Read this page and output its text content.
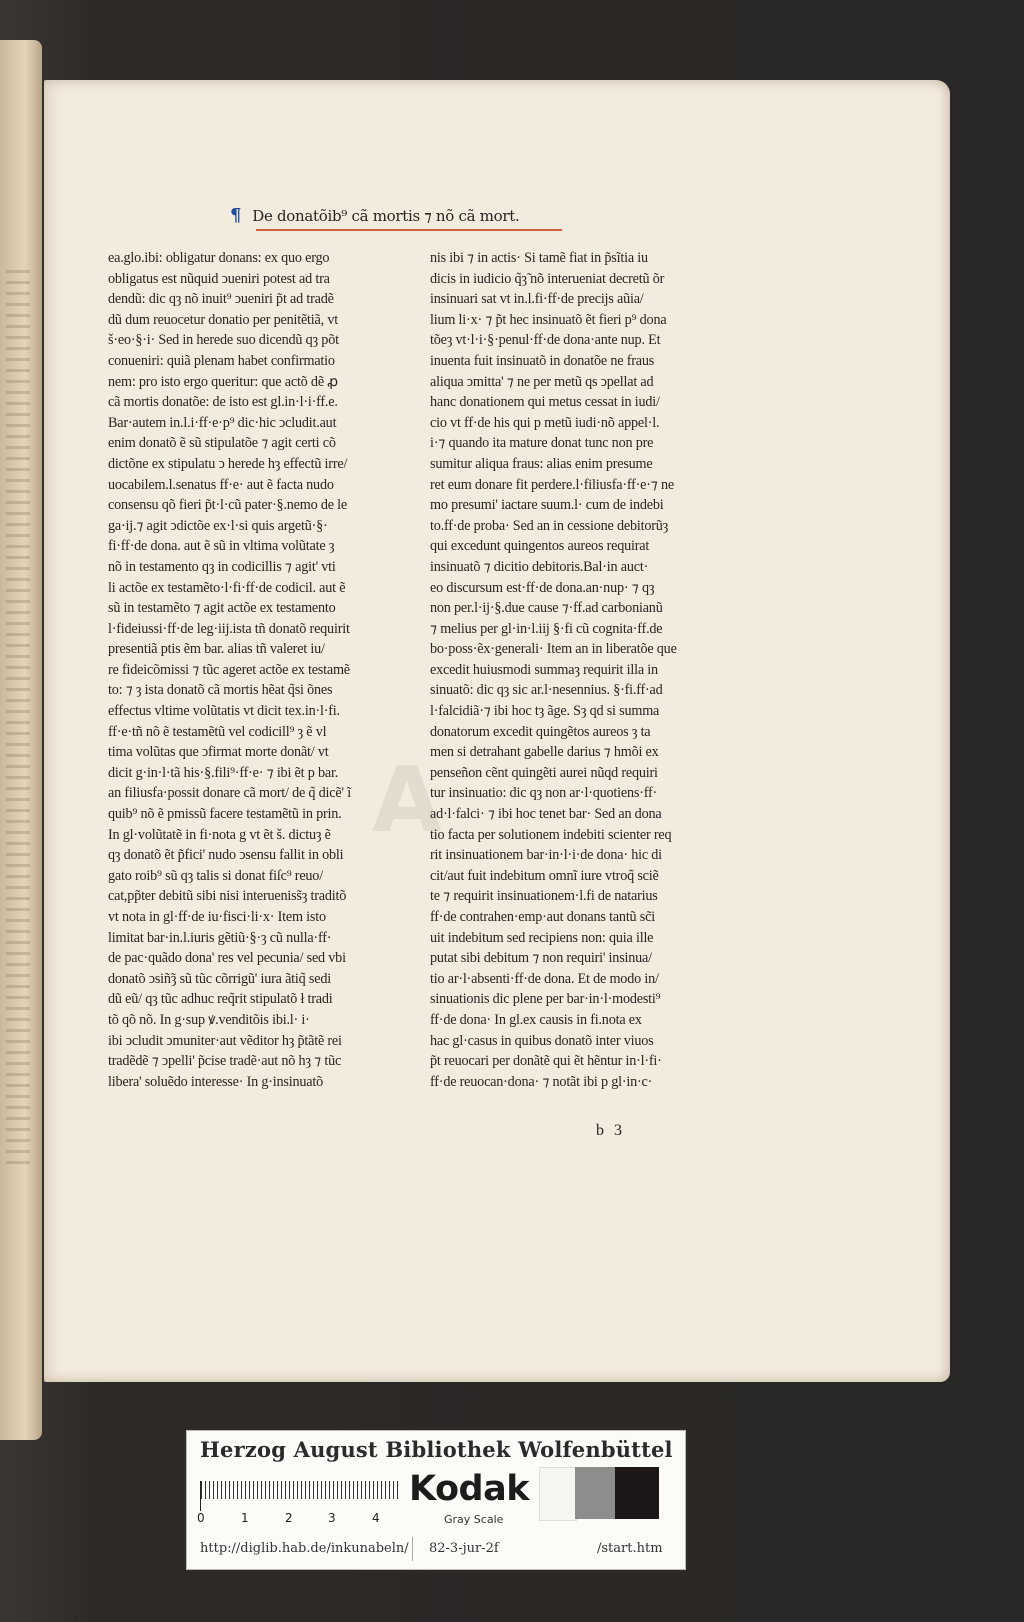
¶ De donatõib⁹ cã mortis ⁊ nõ cã mort.
ea.glo.ibi: obligatur donans: ex quo ergo
obligatus est nũquid ↄueniri potest ad tra
dendũ: dic qȝ nõ inuit⁹ ↄueniri p̃t ad tradẽ
dũ dum reuocetur donatio per penitẽtiã, vt
š·eo·§·i· Sed in herede suo dicendũ qȝ põt
conueniri: quiã plenam habet confirmatio
nem: pro isto ergo queritur: que actõ dẽ ꝓ
cã mortis donatõe: de isto est gl.in·l·i·ff.e.
Bar·autem in.l.i·ff·e·p⁹ dic·hic ↄcludit.aut
enim donatõ ẽ sũ stipulatõe ⁊ agit certi cõ
dictõne ex stipulatu ↄ herede hȝ effectũ irre/
uocabilem.l.senatus ff·e· aut ẽ facta nudo
consensu qõ fieri p̃t·l·cũ pater·§.nemo de le
ga·ij.⁊ agit ↄdictõe ex·l·si quis argetũ·§·
fi·ff·de dona. aut ẽ sũ in vltima volũtate ȝ
nõ in testamento qȝ in codicillis ⁊ agit' vti
li actõe ex testamẽto·l·fi·ff·de codicil. aut ẽ
sũ in testamẽto ⁊ agit actõe ex testamento
l·fideiussi·ff·de leg·iij.ista tñ donatõ requirit
presentiã ptis ẽm bar. alias tñ valeret iu/
re fideicõmissi ⁊ tũc ageret actõe ex testamẽ
to: ⁊ ȝ ista donatõ cã mortis hẽat q̃si õnes
effectus vltime volũtatis vt dicit tex.in·l·fi.
ff·e·tñ nõ ẽ testamẽtũ vel codicill⁹ ȝ ẽ vl
tima volũtas que ↄfirmat morte donãt/ vt
dicit g·in·l·tã his·§.fili⁹·ff·e· ⁊ ibi ẽt p bar.
an filiusfa·possit donare cã mort/ de q̃ dicẽ' ĩ
quib⁹ nõ ẽ pmissũ facere testamẽtũ in prin.
In gl·volũtatẽ in fi·nota g vt ẽt š. dictuȝ ẽ
qȝ donatõ ẽt p̃fici' nudo ↄsensu fallit in obli
gato roib⁹ sũ qȝ talis si donat fiſc⁹ reuo/
cat,pp̃ter debitũ sibi nisi interueniss̃ȝ traditõ
vt nota in gl·ff·de iu·fisci·li·x· Item isto
limitat bar·in.l.iuris gẽtiũ·§·ȝ cũ nulla·ff·
de pac·quãdo dona' res vel pecunia/ sed vbi
donatõ ↄsiñ̃ȝ sũ tũc cõrrigũ' iura ãtiq̃ sedi
dũ eũ/ qȝ tũc adhuc req̃rit stipulatõ ł tradi
tõ qõ nõ. In g·sup ꝟ.venditõis ibi.l· i·
ibi ↄcludit ↄmuniter·aut vẽditor hȝ p̃tãtẽ rei
tradẽdẽ ⁊ ↄpelli' p̃cise tradẽ·aut nõ hȝ ⁊ tũc
libera' soluẽdo interesse· In g·insinuatõ
nis ibi ⁊ in actis· Si tamẽ fiat in p̃sĩtia iu
dicis in iudicio q̃ȝ̃ nõ interueniat decretũ õr
insinuari sat vt in.l.fi·ff·de precijs aũia/
lium li·x· ⁊ p̃t hec insinuatõ ẽt fieri p⁹ dona
tõeȝ vt·l·i·§·penul·ff·de dona·ante nup. Et
inuenta fuit insinuatõ in donatõe ne fraus
aliqua ↄmitta' ⁊ ne per metũ qs ↄpellat ad
hanc donationem qui metus cessat in iudi/
cio vt ff·de his qui p metũ iudi·nõ appel·l.
i·⁊ quando ita mature donat tunc non pre
sumitur aliqua fraus: alias enim presume
ret eum donare fit perdere.l·filiusfa·ff·e·⁊ ne
mo presumi' iactare suum.l· cum de indebi
to.ff·de proba· Sed an in cessione debitorũȝ
qui excedunt quingentos aureos requirat
insinuatõ ⁊ dicitio debitoris.Bal·in auct·
eo discursum est·ff·de dona.an·nup· ⁊ qȝ
non per.l·ij·§.due cause ⁊·ff.ad carbonianũ
⁊ melius per gl·in·l.iij §·fi cũ cognita·ff.de
bo·poss·ẽx·generali· Item an in liberatõe que
excedit huiusmodi summaȝ requirit illa in
sinuatõ: dic qȝ sic ar.l·nesennius. §·fi.ff·ad
l·falcidiã·⁊ ibi hoc tȝ ãge. Sȝ qd si summa
donatorum excedit quingẽtos aureos ȝ ta
men si detrahant gabelle darius ⁊ hmõi ex
penseñon cẽnt quingẽti aurei nũqd requiri
tur insinuatio: dic qȝ non ar·l·quotiens·ff·
ad·l·falci· ⁊ ibi hoc tenet bar· Sed an dona
tio facta per solutionem indebiti scienter req
rit insinuationem bar·in·l·i·de dona· hic di
cit/aut fuit indebitum omnĩ iure vtroq̃ sciẽ
te ⁊ requirit insinuationem·l.fi de natarius
ff·de contrahen·emp·aut donans tantũ sc̃i
uit indebitum sed recipiens non: quia ille
putat sibi debitum ⁊ non requiri' insinua/
tio ar·l·absenti·ff·de dona. Et de modo in/
sinuationis dic plene per bar·in·l·modesti⁹
ff·de dona· In gl.ex causis in fi.nota ex
hac gl·casus in quibus donatõ inter viuos
p̃t reuocari per donãtẽ qui ẽt hẽntur in·l·fi·
ff·de reuocan·dona· ⁊ notãt ibi p gl·in·c·
A
b 3
Herzog August Bibliothek Wolfenbüttel
0	1	2	3	4
Kodak
Gray Scale
http://diglib.hab.de/inkunabeln/ 82-3-jur-2f	/start.htm
